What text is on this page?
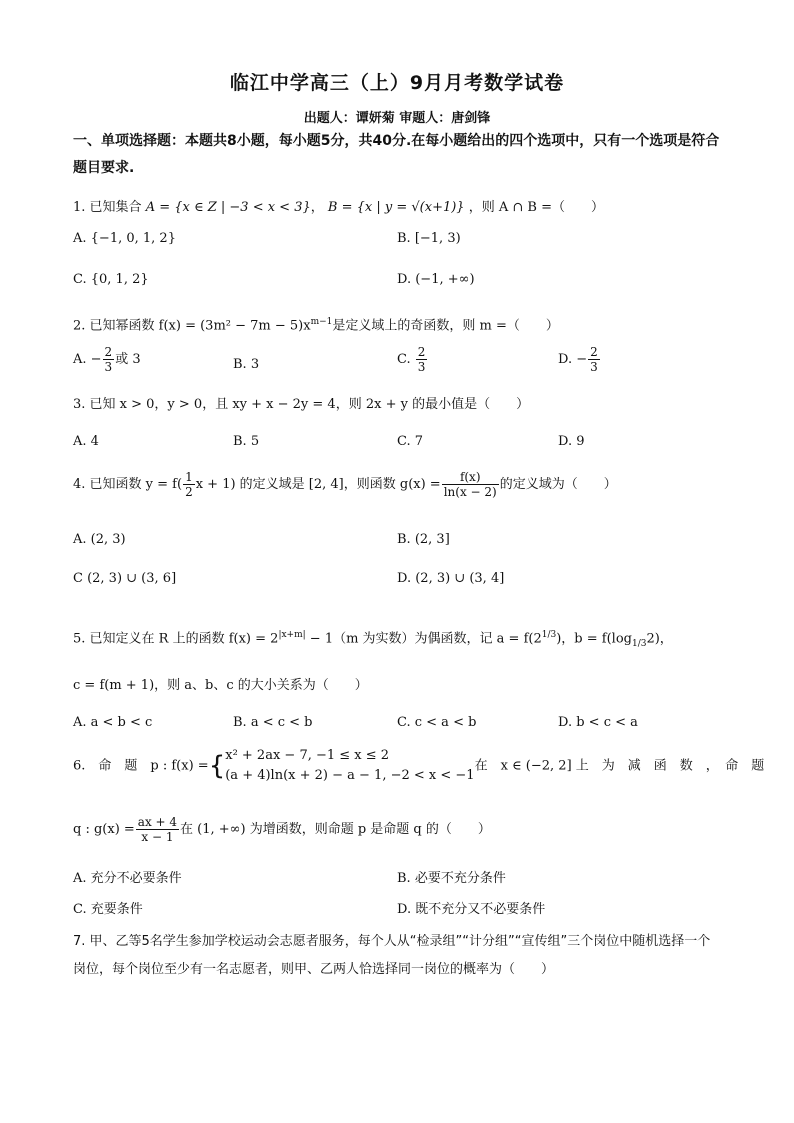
临江中学高三（上）9月月考数学试卷
出题人：谭妍菊 审题人：唐剑锋
一、单项选择题：本题共8小题，每小题5分，共40分.在每小题给出的四个选项中，只有一个选项是符合题目要求.
1. 已知集合 A = {x ∈ Z | −3 < x < 3}， B = {x | y = √(x+1)} ，则 A ∩ B =（　　）
A. {−1, 0, 1, 2}	B. [−1, 3)
C. {0, 1, 2}	D. (−1, +∞)
2. 已知幂函数 $f(x) = (3m^2 - 7m - 5)x^{m-1}$是定义域上的奇函数，则 m =（　　）
A. − $\frac{2}{3}$ 或 3	B. 3	C. $\frac{2}{3}$	D. − $\frac{2}{3}$
3. 已知 x > 0，y > 0，且 xy + x − 2y = 4，则 2x + y 的最小值是（　　）
A. 4	B. 5	C. 7	D. 9
4. 已知函数 $y = f( \frac{1}{2}$ x + 1) 的定义域是 [2, 4]，则函数 $g(x) = \frac{f(x)}{\ln(x - 2)}$ 的定义域为（　　）
A. (2, 3)	B. (2, 3]
C (2, 3) ∪ (3, 6]	D. (2, 3) ∪ (3, 4]
5. 已知定义在 R 上的函数 $f(x) = 2^{|x+m|} - 1(m$ 为实数）为偶函数，记 $a = f(2^{1/3})$，$b = f(\log_{1/3}2)$，
c = f(m + 1)，则 a、b、c 的大小关系为（　　）
A. a < b < c	B. a < c < b	C. c < a < b	D. b < c < a
6.　命　题　p : f(x) ={ x² + 2ax − 7, −1 ≤ x ≤ 2
(a + 4)ln(x + 2) − a − 1, −2 < x < −1
在　x ∈ (−2, 2] 上　为　减　函　数　，　命　题
q : $g(x) = \frac{ax + 4}{x - 1}$ 在 (1, +∞) 为增函数，则命题 p 是命题 q 的（　　）
A. 充分不必要条件	B. 必要不充分条件
C. 充要条件	D. 既不充分又不必要条件
7. 甲、乙等5名学生参加学校运动会志愿者服务，每个人从“检录组”“计分组”“宣传组”三个岗位中随机选择一个岗位，每个岗位至少有一名志愿者，则甲、乙两人恰选择同一岗位的概率为（　　）
